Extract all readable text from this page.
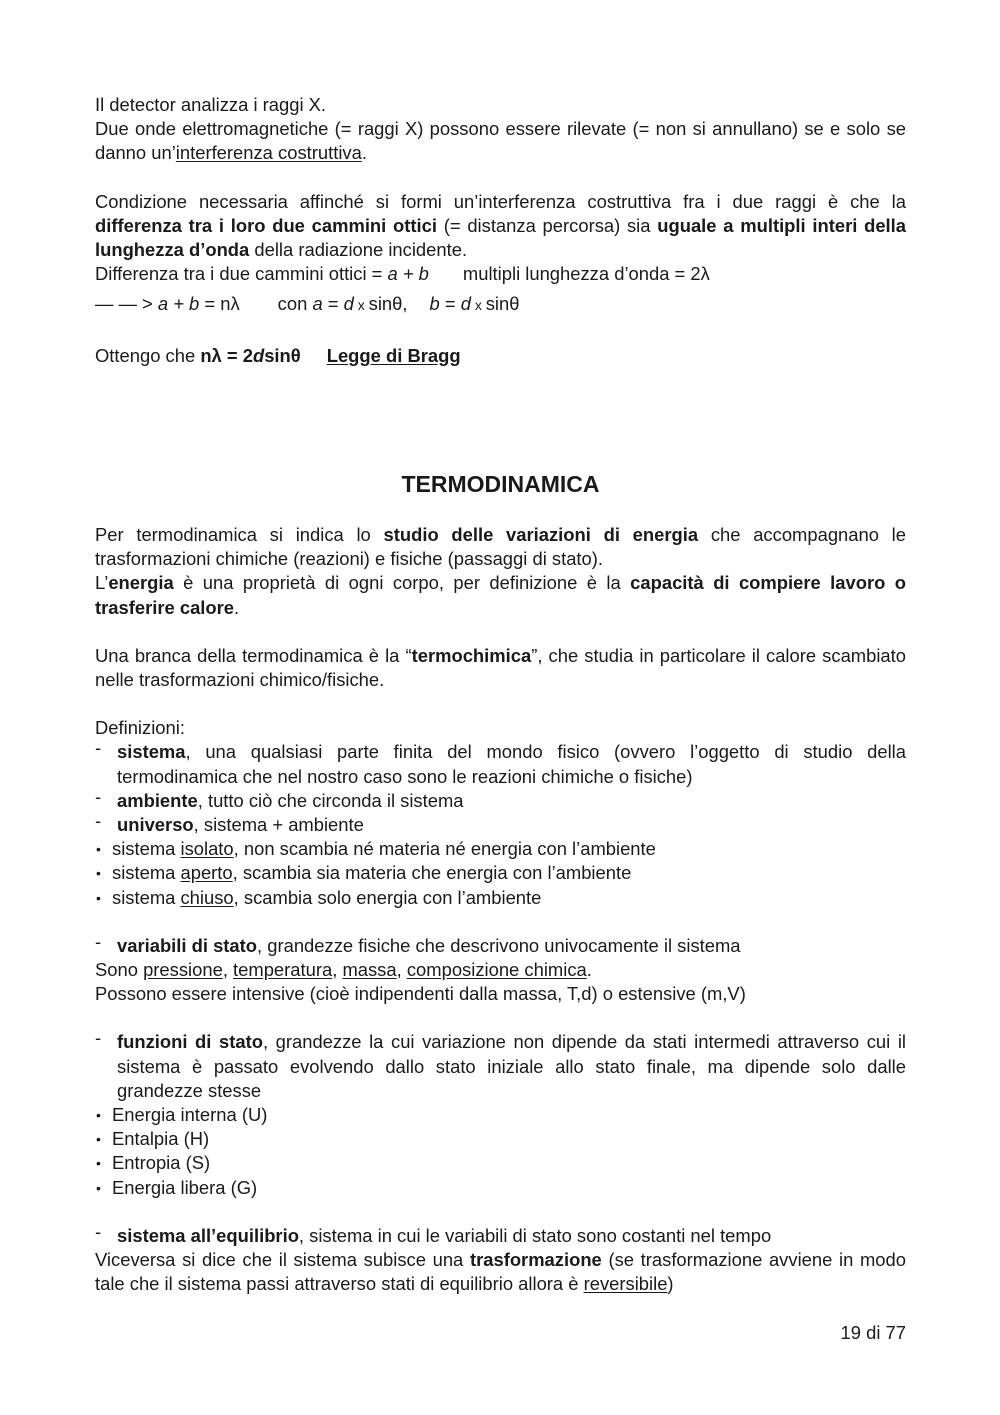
Il detector analizza i raggi X.

Due onde elettromagnetiche (= raggi X) possono essere rilevate (= non si annullano) se e solo se danno un’interferenza costruttiva.

Condizione necessaria affinché si formi un’interferenza costruttiva fra i due raggi è che la differenza tra i loro due cammini ottici (= distanza percorsa) sia uguale a multipli interi della lunghezza d’onda della radiazione incidente.

Differenza tra i due cammini ottici = a + b multipli lunghezza d’onda = 2λ

— — > a + b = nλ con a = d x sinθ, b = d x sinθ

Ottengo che nλ = 2dsinθ Legge di Bragg

TERMODINAMICA

Per termodinamica si indica lo studio delle variazioni di energia che accompagnano le trasformazioni chimiche (reazioni) e fisiche (passaggi di stato).

L’energia è una proprietà di ogni corpo, per definizione è la capacità di compiere lavoro o trasferire calore.

Una branca della termodinamica è la “termochimica”, che studia in particolare il calore scambiato nelle trasformazioni chimico/fisiche.

Definizioni:

- sistema, una qualsiasi parte finita del mondo fisico (ovvero l’oggetto di studio della termodinamica che nel nostro caso sono le reazioni chimiche o fisiche)

- ambiente, tutto ciò che circonda il sistema

- universo, sistema + ambiente

• sistema isolato, non scambia né materia né energia con l’ambiente

• sistema aperto, scambia sia materia che energia con l’ambiente

• sistema chiuso, scambia solo energia con l’ambiente

- variabili di stato, grandezze fisiche che descrivono univocamente il sistema

Sono pressione, temperatura, massa, composizione chimica.

Possono essere intensive (cioè indipendenti dalla massa, T,d) o estensive (m,V)

- funzioni di stato, grandezze la cui variazione non dipende da stati intermedi attraverso cui il sistema è passato evolvendo dallo stato iniziale allo stato finale, ma dipende solo dalle grandezze stesse

• Energia interna (U)

• Entalpia (H)

• Entropia (S)

• Energia libera (G)

- sistema all’equilibrio, sistema in cui le variabili di stato sono costanti nel tempo

Viceversa si dice che il sistema subisce una trasformazione (se trasformazione avviene in modo tale che il sistema passi attraverso stati di equilibrio allora è reversibile)

19 di 77
